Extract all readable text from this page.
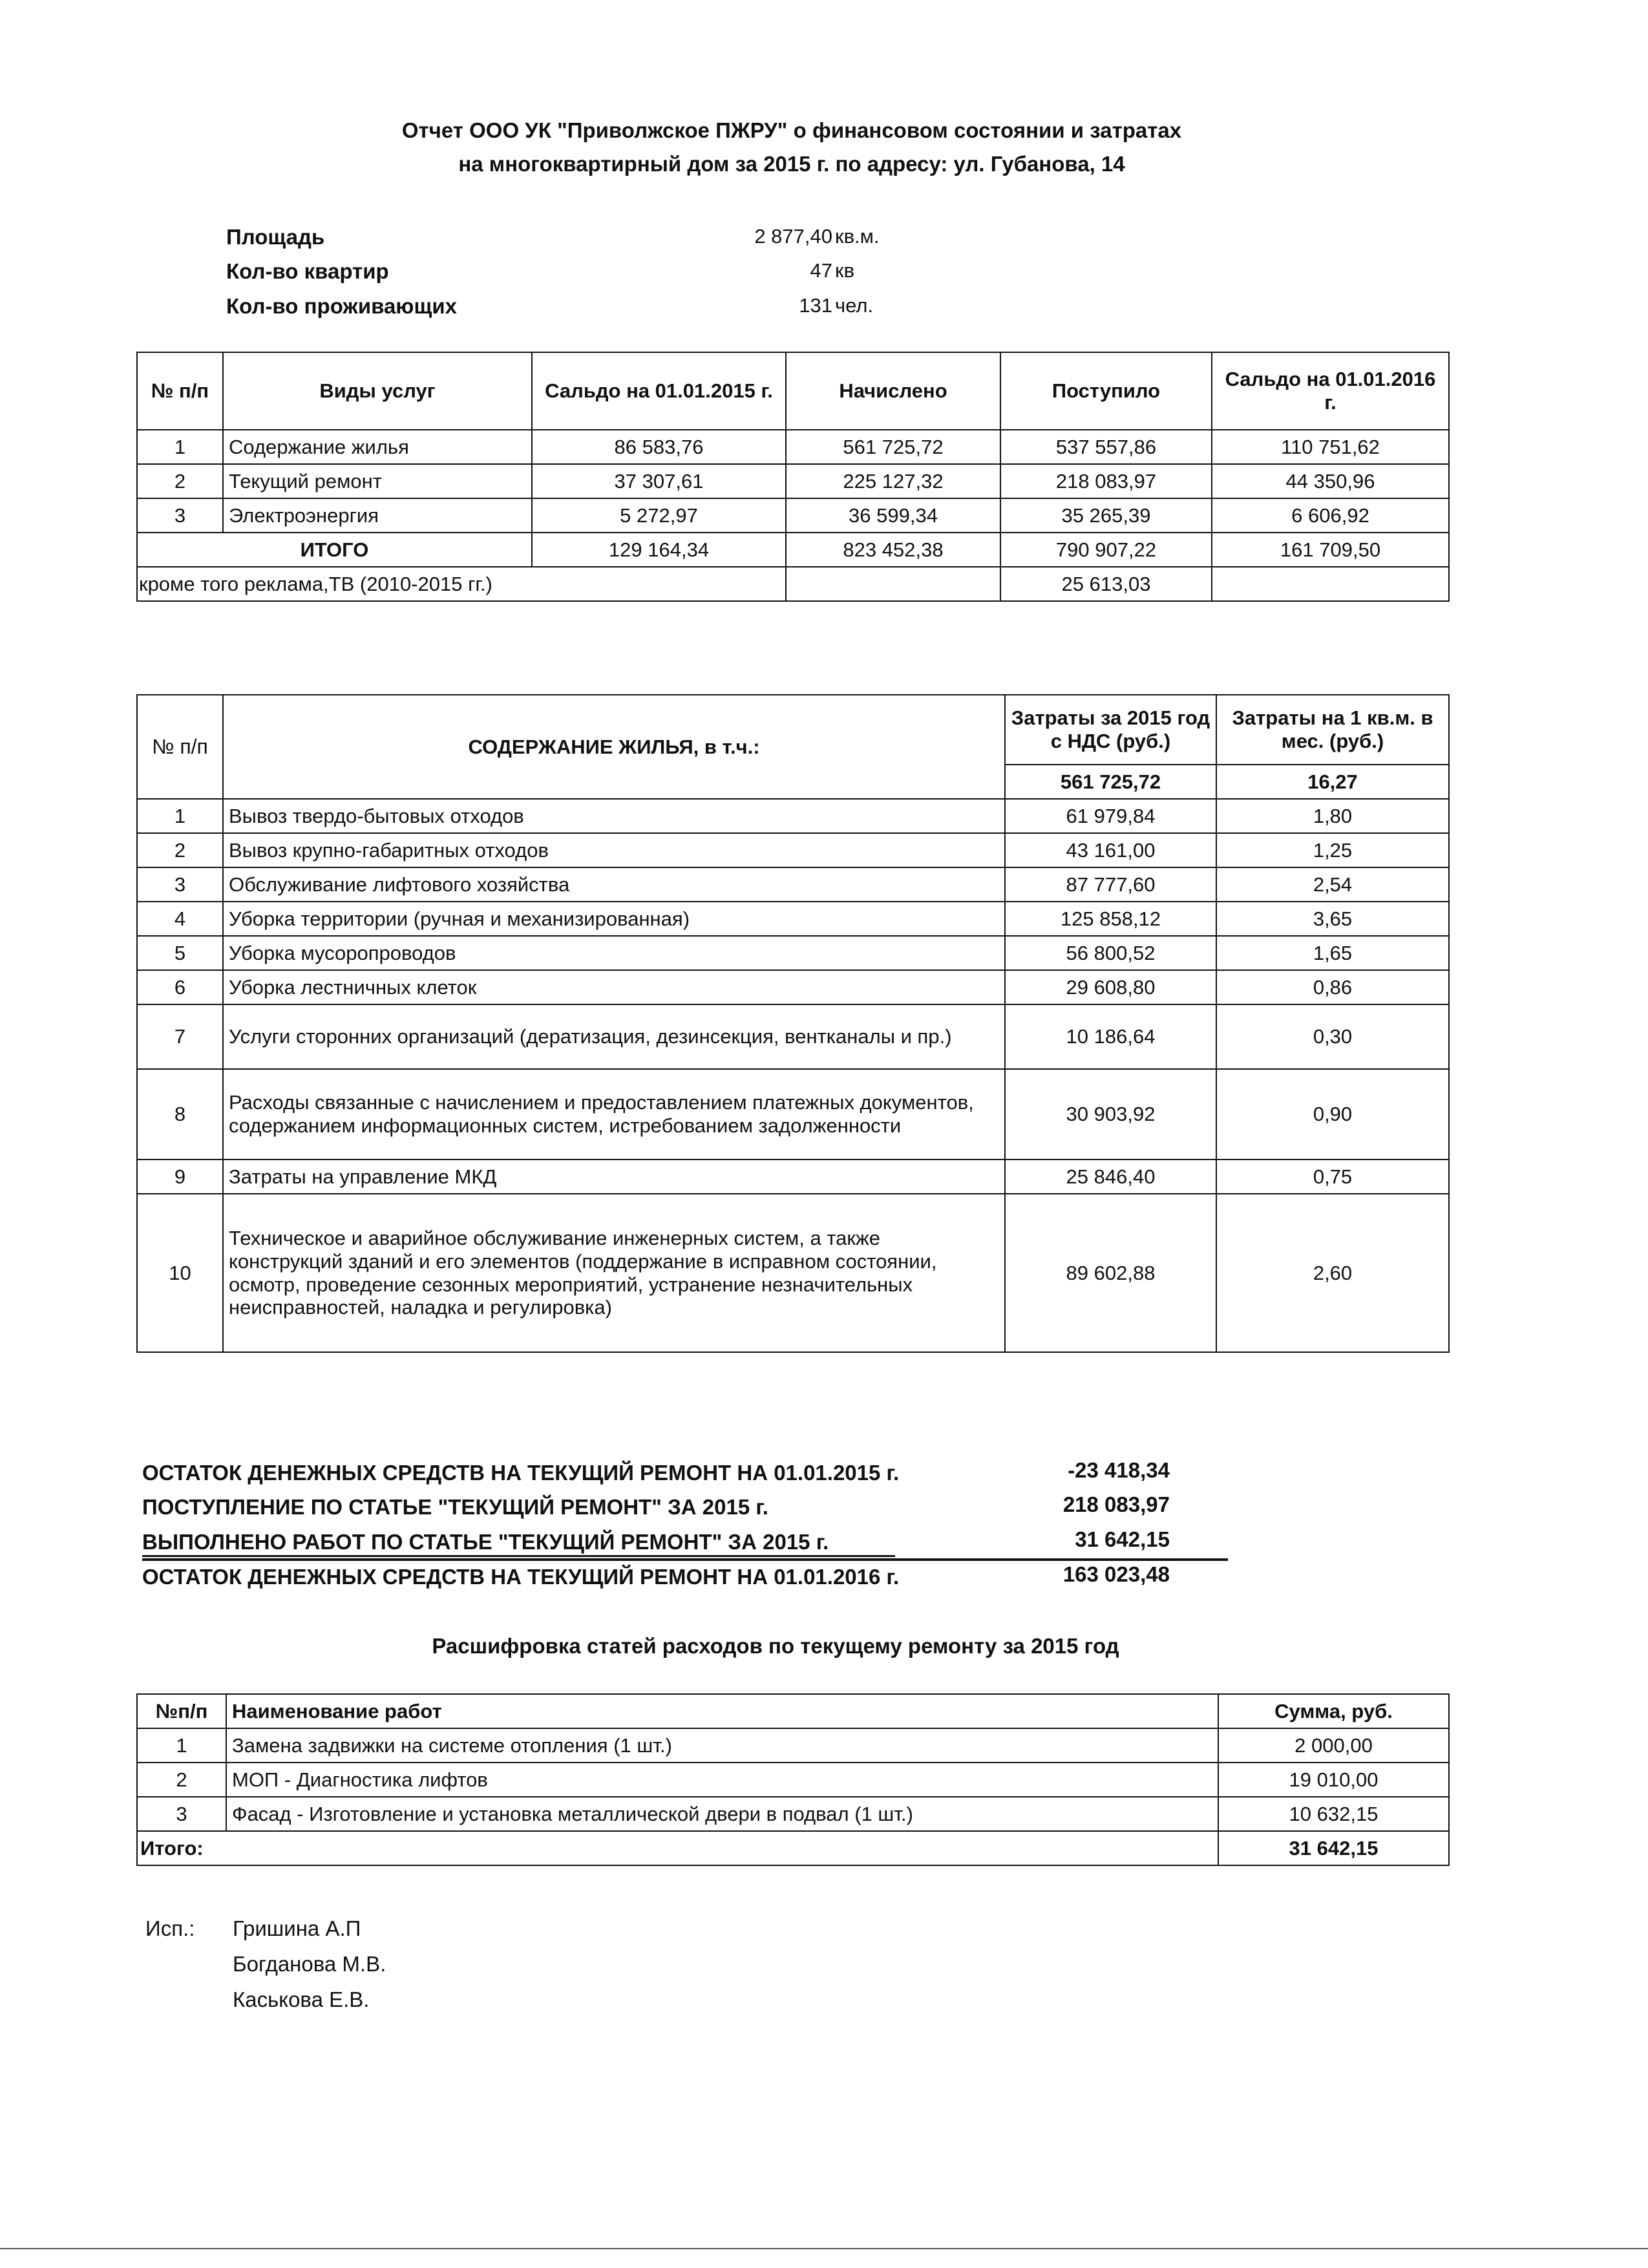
Отчет ООО УК "Приволжское ПЖРУ" о финансовом состоянии и затратах
на многоквартирный дом за 2015 г. по адресу: ул. Губанова, 14
Площадь	2 877,40 кв.м.
Кол-во квартир	47 кв
Кол-во проживающих	131 чел.
№ п/п	Виды услуг	Сальдо на 01.01.2015 г.	Начислено	Поступило	Сальдо на 01.01.2016 г.
1	Содержание жилья	86 583,76	561 725,72	537 557,86	110 751,62
2	Текущий ремонт	37 307,61	225 127,32	218 083,97	44 350,96
3	Электроэнергия	5 272,97	36 599,34	35 265,39	6 606,92
ИТОГО		129 164,34	823 452,38	790 907,22	161 709,50
кроме того реклама,ТВ (2010-2015 гг.)				25 613,03	
№ п/п	СОДЕРЖАНИЕ ЖИЛЬЯ, в т.ч.:	Затраты за 2015 год с НДС (руб.)	Затраты на 1 кв.м. в мес. (руб.)
		561 725,72	16,27
1	Вывоз твердо-бытовых отходов	61 979,84	1,80
2	Вывоз крупно-габаритных отходов	43 161,00	1,25
3	Обслуживание лифтового хозяйства	87 777,60	2,54
4	Уборка территории (ручная и механизированная)	125 858,12	3,65
5	Уборка мусоропроводов	56 800,52	1,65
6	Уборка лестничных клеток	29 608,80	0,86
7	Услуги сторонних организаций (дератизация, дезинсекция, вентканалы и пр.)	10 186,64	0,30
8	Расходы связанные с начислением и предоставлением платежных документов, содержанием информационных систем, истребованием задолженности	30 903,92	0,90
9	Затраты на управление МКД	25 846,40	0,75
10	Техническое и аварийное обслуживание инженерных систем, а также конструкций зданий и его элементов (поддержание в исправном состоянии, осмотр, проведение сезонных мероприятий, устранение незначительных неисправностей, наладка и регулировка)	89 602,88	2,60
ОСТАТОК ДЕНЕЖНЫХ СРЕДСТВ НА ТЕКУЩИЙ РЕМОНТ НА 01.01.2015 г.	-23 418,34
ПОСТУПЛЕНИЕ ПО СТАТЬЕ "ТЕКУЩИЙ РЕМОНТ" ЗА 2015 г.	218 083,97
ВЫПОЛНЕНО РАБОТ ПО СТАТЬЕ "ТЕКУЩИЙ РЕМОНТ" ЗА 2015 г.	31 642,15
ОСТАТОК ДЕНЕЖНЫХ СРЕДСТВ НА ТЕКУЩИЙ РЕМОНТ НА 01.01.2016 г.	163 023,48
Расшифровка статей расходов по текущему ремонту за 2015 год
№п/п	Наименование работ	Сумма, руб.
1	Замена задвижки на системе отопления (1 шт.)	2 000,00
2	МОП - Диагностика лифтов	19 010,00
3	Фасад - Изготовление и установка металлической двери в подвал (1 шт.)	10 632,15
Итого:		31 642,15
Исп.: Гришина А.П
Богданова М.В.
Каськова Е.В.
